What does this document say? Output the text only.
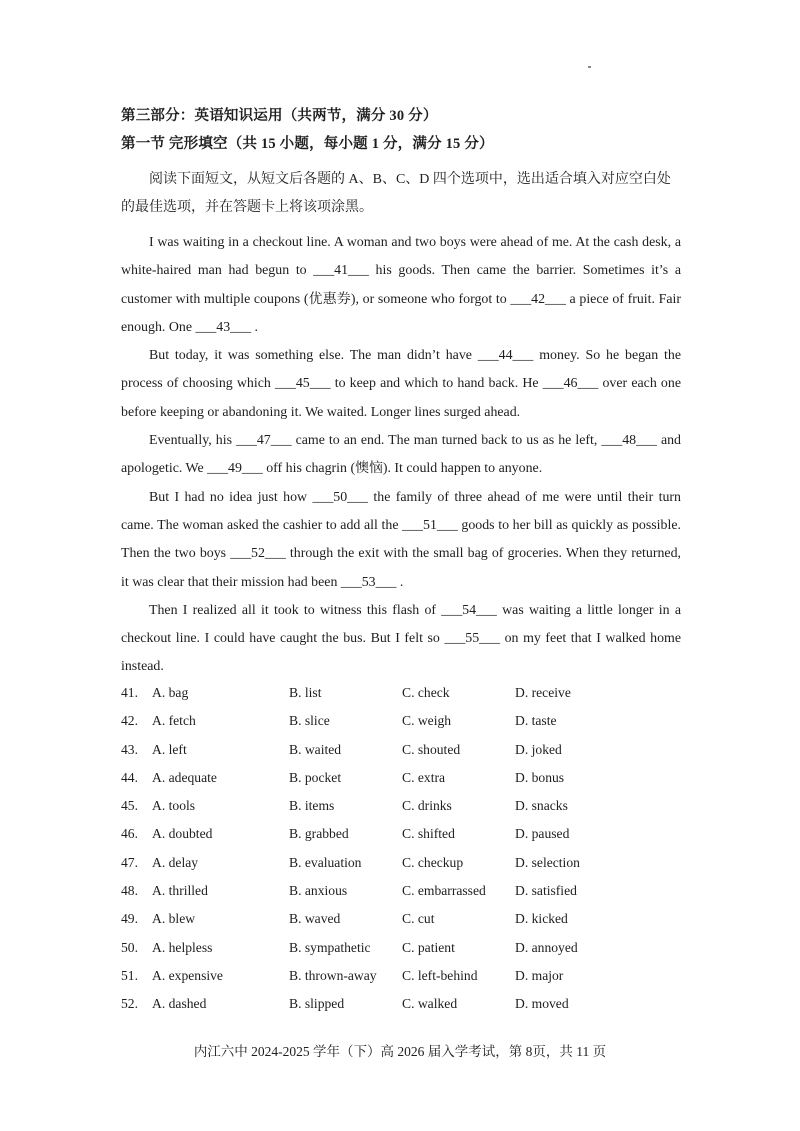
第三部分：英语知识运用（共两节，满分 30 分）
第一节 完形填空（共 15 小题，每小题 1 分，满分 15 分）
阅读下面短文，从短文后各题的 A、B、C、D 四个选项中，选出适合填入对应空白处的最佳选项，并在答题卡上将该项涂黑。

I was waiting in a checkout line. A woman and two boys were ahead of me. At the cash desk, a white-haired man had begun to ___41___ his goods. Then came the barrier. Sometimes it’s a customer with multiple coupons (优惠券), or someone who forgot to ___42___ a piece of fruit. Fair enough. One ___43___ .

But today, it was something else. The man didn’t have ___44___ money. So he began the process of choosing which ___45___ to keep and which to hand back. He ___46___ over each one before keeping or abandoning it. We waited. Longer lines surged ahead.

Eventually, his ___47___ came to an end. The man turned back to us as he left, ___48___ and apologetic. We ___49___ off his chagrin (懊恼). It could happen to anyone.

But I had no idea just how ___50___ the family of three ahead of me were until their turn came. The woman asked the cashier to add all the ___51___ goods to her bill as quickly as possible. Then the two boys ___52___ through the exit with the small bag of groceries. When they returned, it was clear that their mission had been ___53___ .

Then I realized all it took to witness this flash of ___54___ was waiting a little longer in a checkout line. I could have caught the bus. But I felt so ___55___ on my feet that I walked home instead.

41. A. bag	B. list	C. check	D. receive
42. A. fetch	B. slice	C. weigh	D. taste
43. A. left	B. waited	C. shouted	D. joked
44. A. adequate	B. pocket	C. extra	D. bonus
45. A. tools	B. items	C. drinks	D. snacks
46. A. doubted	B. grabbed	C. shifted	D. paused
47. A. delay	B. evaluation	C. checkup	D. selection
48. A. thrilled	B. anxious	C. embarrassed D. satisfied
49. A. blew	B. waved	C. cut	D. kicked
50. A. helpless	B. sympathetic C. patient	D. annoyed
51. A. expensive	B. thrown-away C. left-behind	D. major
52. A. dashed	B. slipped	C. walked	D. moved
内江六中 2024-2025 学年（下）高 2026 届入学考试，第 8页，共 11 页
